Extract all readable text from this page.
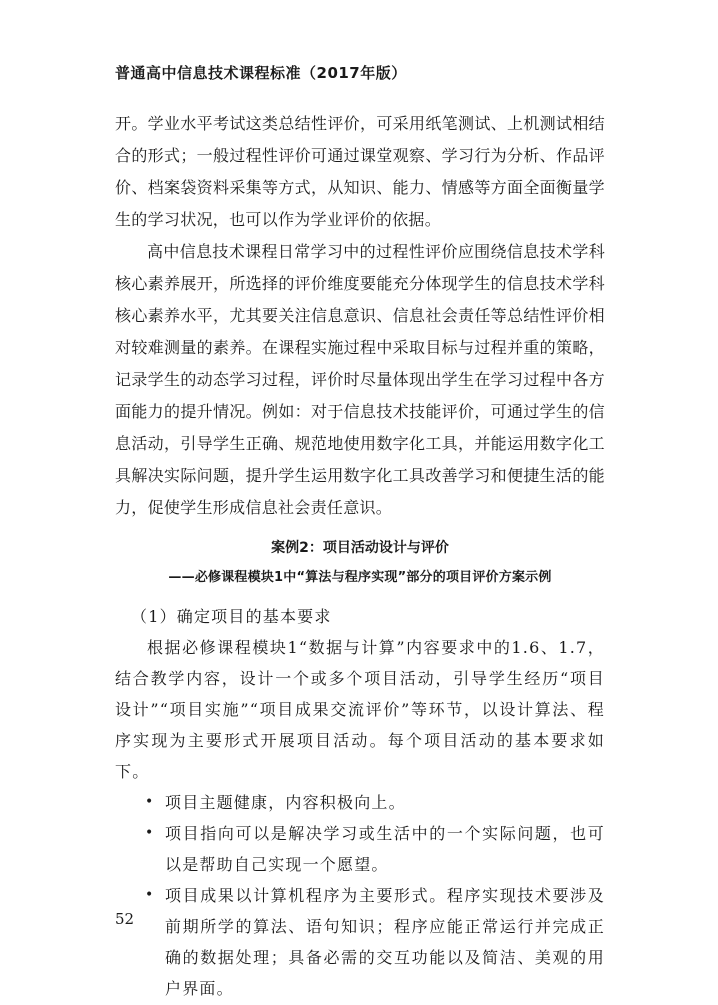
普通高中信息技术课程标准（2017年版）

开。学业水平考试这类总结性评价，可采用纸笔测试、上机测试相结合的形式；一般过程性评价可通过课堂观察、学习行为分析、作品评价、档案袋资料采集等方式，从知识、能力、情感等方面全面衡量学生的学习状况，也可以作为学业评价的依据。

高中信息技术课程日常学习中的过程性评价应围绕信息技术学科核心素养展开，所选择的评价维度要能充分体现学生的信息技术学科核心素养水平，尤其要关注信息意识、信息社会责任等总结性评价相对较难测量的素养。在课程实施过程中采取目标与过程并重的策略，记录学生的动态学习过程，评价时尽量体现出学生在学习过程中各方面能力的提升情况。例如：对于信息技术技能评价，可通过学生的信息活动，引导学生正确、规范地使用数字化工具，并能运用数字化工具解决实际问题，提升学生运用数字化工具改善学习和便捷生活的能力，促使学生形成信息社会责任意识。

案例2：项目活动设计与评价
——必修课程模块1中“算法与程序实现”部分的项目评价方案示例

（1）确定项目的基本要求

根据必修课程模块1“数据与计算”内容要求中的1.6、1.7，结合教学内容，设计一个或多个项目活动，引导学生经历“项目设计”“项目实施”“项目成果交流评价”等环节，以设计算法、程序实现为主要形式开展项目活动。每个项目活动的基本要求如下。

• 项目主题健康，内容积极向上。
• 项目指向可以是解决学习或生活中的一个实际问题，也可以是帮助自己实现一个愿望。
• 项目成果以计算机程序为主要形式。程序实现技术要涉及前期所学的算法、语句知识；程序应能正常运行并完成正确的数据处理；具备必需的交互功能以及简洁、美观的用户界面。
52
